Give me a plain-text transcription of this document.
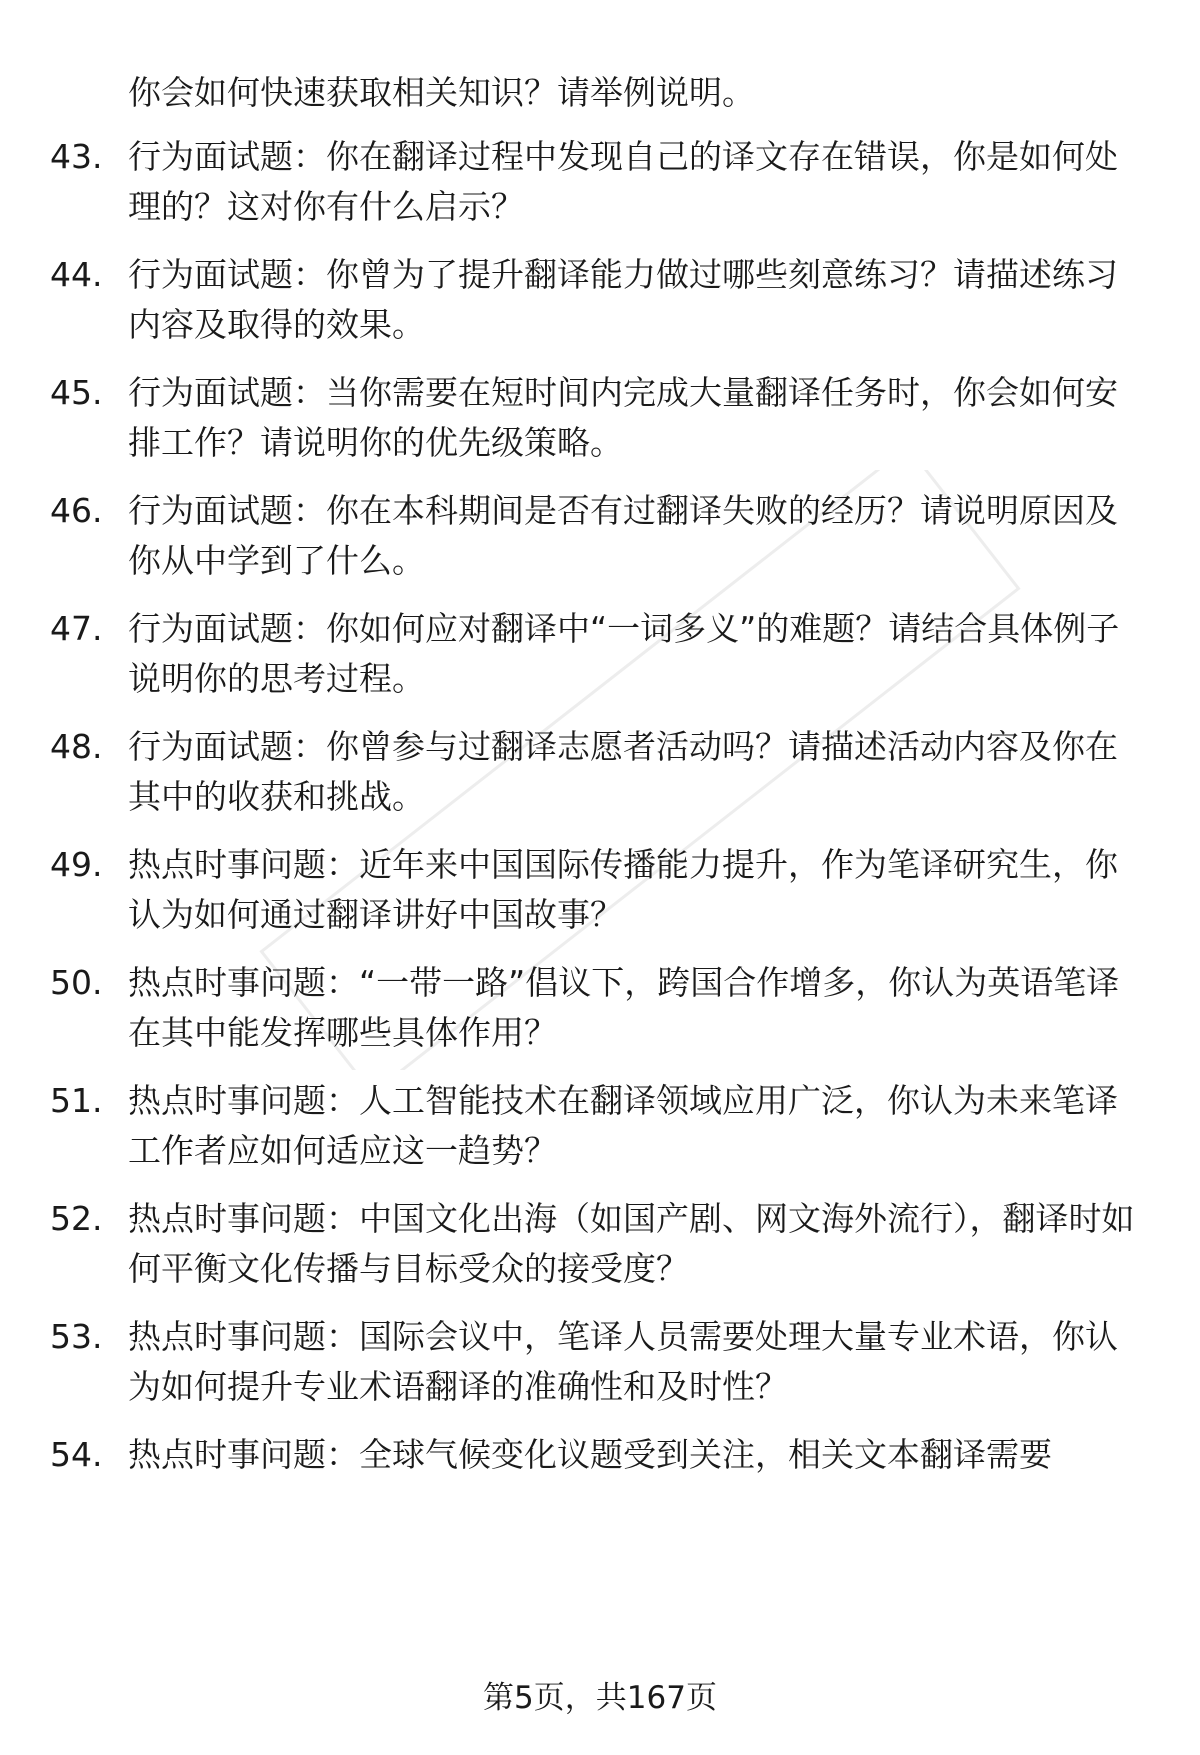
你会如何快速获取相关知识？请举例说明。
43. 行为面试题：你在翻译过程中发现自己的译文存在错误，你是如何处理的？这对你有什么启示？
44. 行为面试题：你曾为了提升翻译能力做过哪些刻意练习？请描述练习内容及取得的效果。
45. 行为面试题：当你需要在短时间内完成大量翻译任务时，你会如何安排工作？请说明你的优先级策略。
46. 行为面试题：你在本科期间是否有过翻译失败的经历？请说明原因及你从中学到了什么。
47. 行为面试题：你如何应对翻译中“一词多义”的难题？请结合具体例子说明你的思考过程。
48. 行为面试题：你曾参与过翻译志愿者活动吗？请描述活动内容及你在其中的收获和挑战。
49. 热点时事问题：近年来中国国际传播能力提升，作为笔译研究生，你认为如何通过翻译讲好中国故事？
50. 热点时事问题：“一带一路”倡议下，跨国合作增多，你认为英语笔译在其中能发挥哪些具体作用？
51. 热点时事问题：人工智能技术在翻译领域应用广泛，你认为未来笔译工作者应如何适应这一趋势？
52. 热点时事问题：中国文化出海（如国产剧、网文海外流行），翻译时如何平衡文化传播与目标受众的接受度？
53. 热点时事问题：国际会议中，笔译人员需要处理大量专业术语，你认为如何提升专业术语翻译的准确性和及时性？
54. 热点时事问题：全球气候变化议题受到关注，相关文本翻译需要
第5页，共167页
